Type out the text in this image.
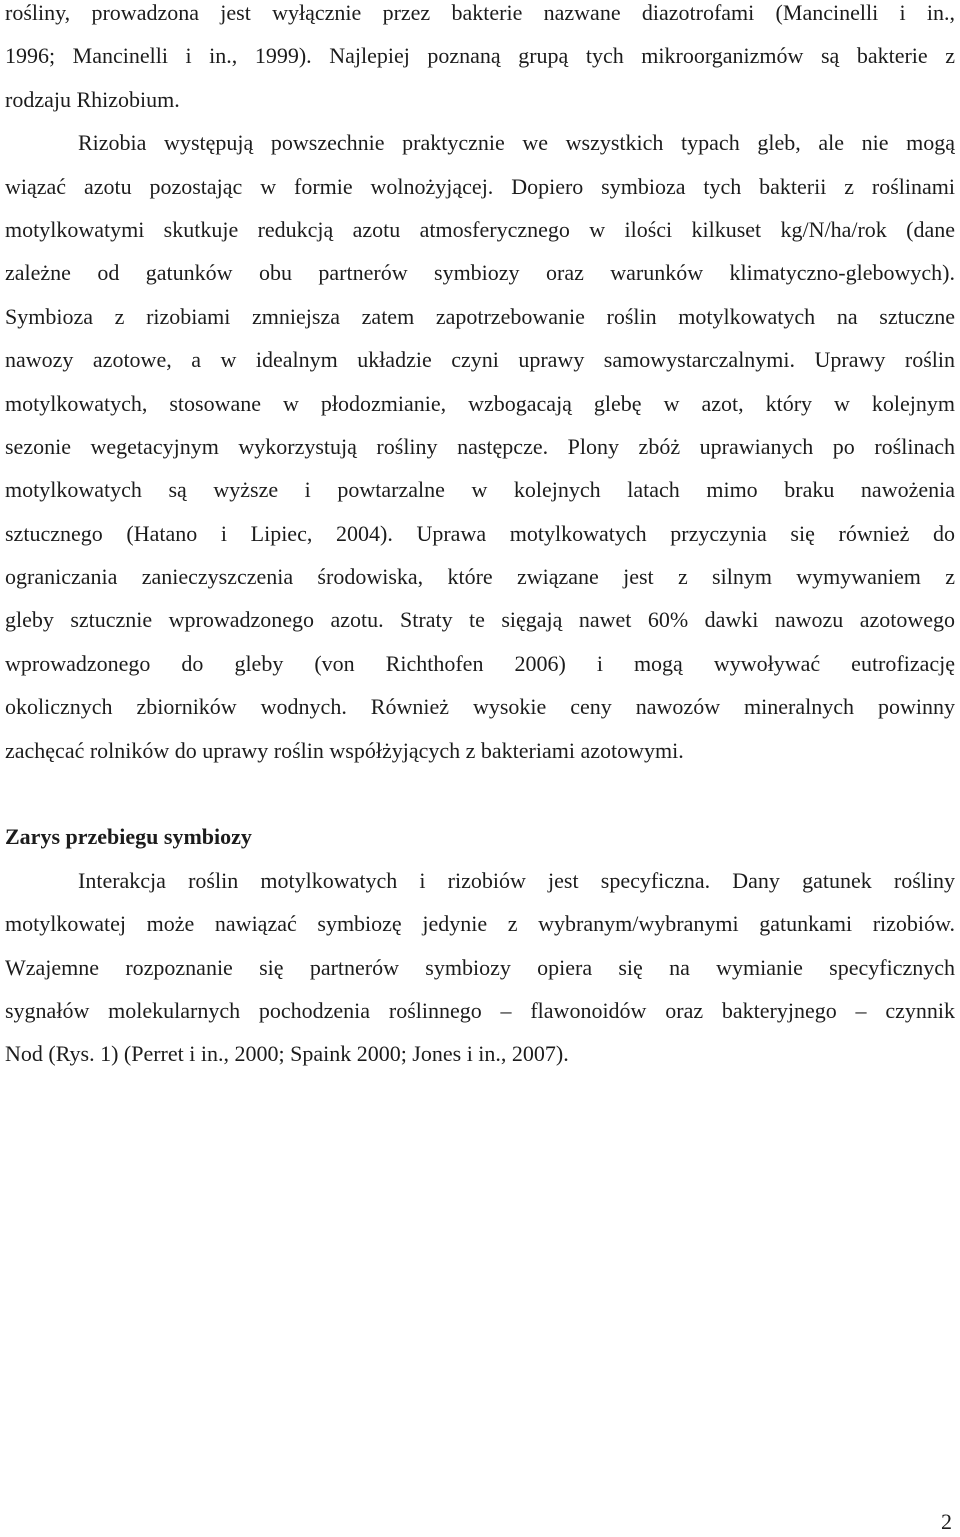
rośliny, prowadzona jest wyłącznie przez bakterie nazwane diazotrofami (Mancinelli i in.,
1996; Mancinelli i in., 1999). Najlepiej poznaną grupą tych mikroorganizmów są bakterie z
rodzaju Rhizobium.
Rizobia występują powszechnie praktycznie we wszystkich typach gleb, ale nie mogą
wiązać azotu pozostając w formie wolnożyjącej. Dopiero symbioza tych bakterii z roślinami
motylkowatymi skutkuje redukcją azotu atmosferycznego w ilości kilkuset kg/N/ha/rok (dane
zależne od gatunków obu partnerów symbiozy oraz warunków klimatyczno-glebowych).
Symbioza z rizobiami zmniejsza zatem zapotrzebowanie roślin motylkowatych na sztuczne
nawozy azotowe, a w idealnym układzie czyni uprawy samowystarczalnymi. Uprawy roślin
motylkowatych, stosowane w płodozmianie, wzbogacają glebę w azot, który w kolejnym
sezonie wegetacyjnym wykorzystują rośliny następcze. Plony zbóż uprawianych po roślinach
motylkowatych są wyższe i powtarzalne w kolejnych latach mimo braku nawożenia
sztucznego (Hatano i Lipiec, 2004). Uprawa motylkowatych przyczynia się również do
ograniczania zanieczyszczenia środowiska, które związane jest z silnym wymywaniem z
gleby sztucznie wprowadzonego azotu. Straty te sięgają nawet 60% dawki nawozu azotowego
wprowadzonego do gleby (von Richthofen 2006) i mogą wywoływać eutrofizację
okolicznych zbiorników wodnych. Również wysokie ceny nawozów mineralnych powinny
zachęcać rolników do uprawy roślin współżyjących z bakteriami azotowymi.
Zarys przebiegu symbiozy
Interakcja roślin motylkowatych i rizobiów jest specyficzna. Dany gatunek rośliny
motylkowatej może nawiązać symbiozę jedynie z wybranym/wybranymi gatunkami rizobiów.
Wzajemne rozpoznanie się partnerów symbiozy opiera się na wymianie specyficznych
sygnałów molekularnych pochodzenia roślinnego – flawonoidów oraz bakteryjnego – czynnik
Nod (Rys. 1) (Perret i in., 2000; Spaink 2000; Jones i in., 2007).
2
